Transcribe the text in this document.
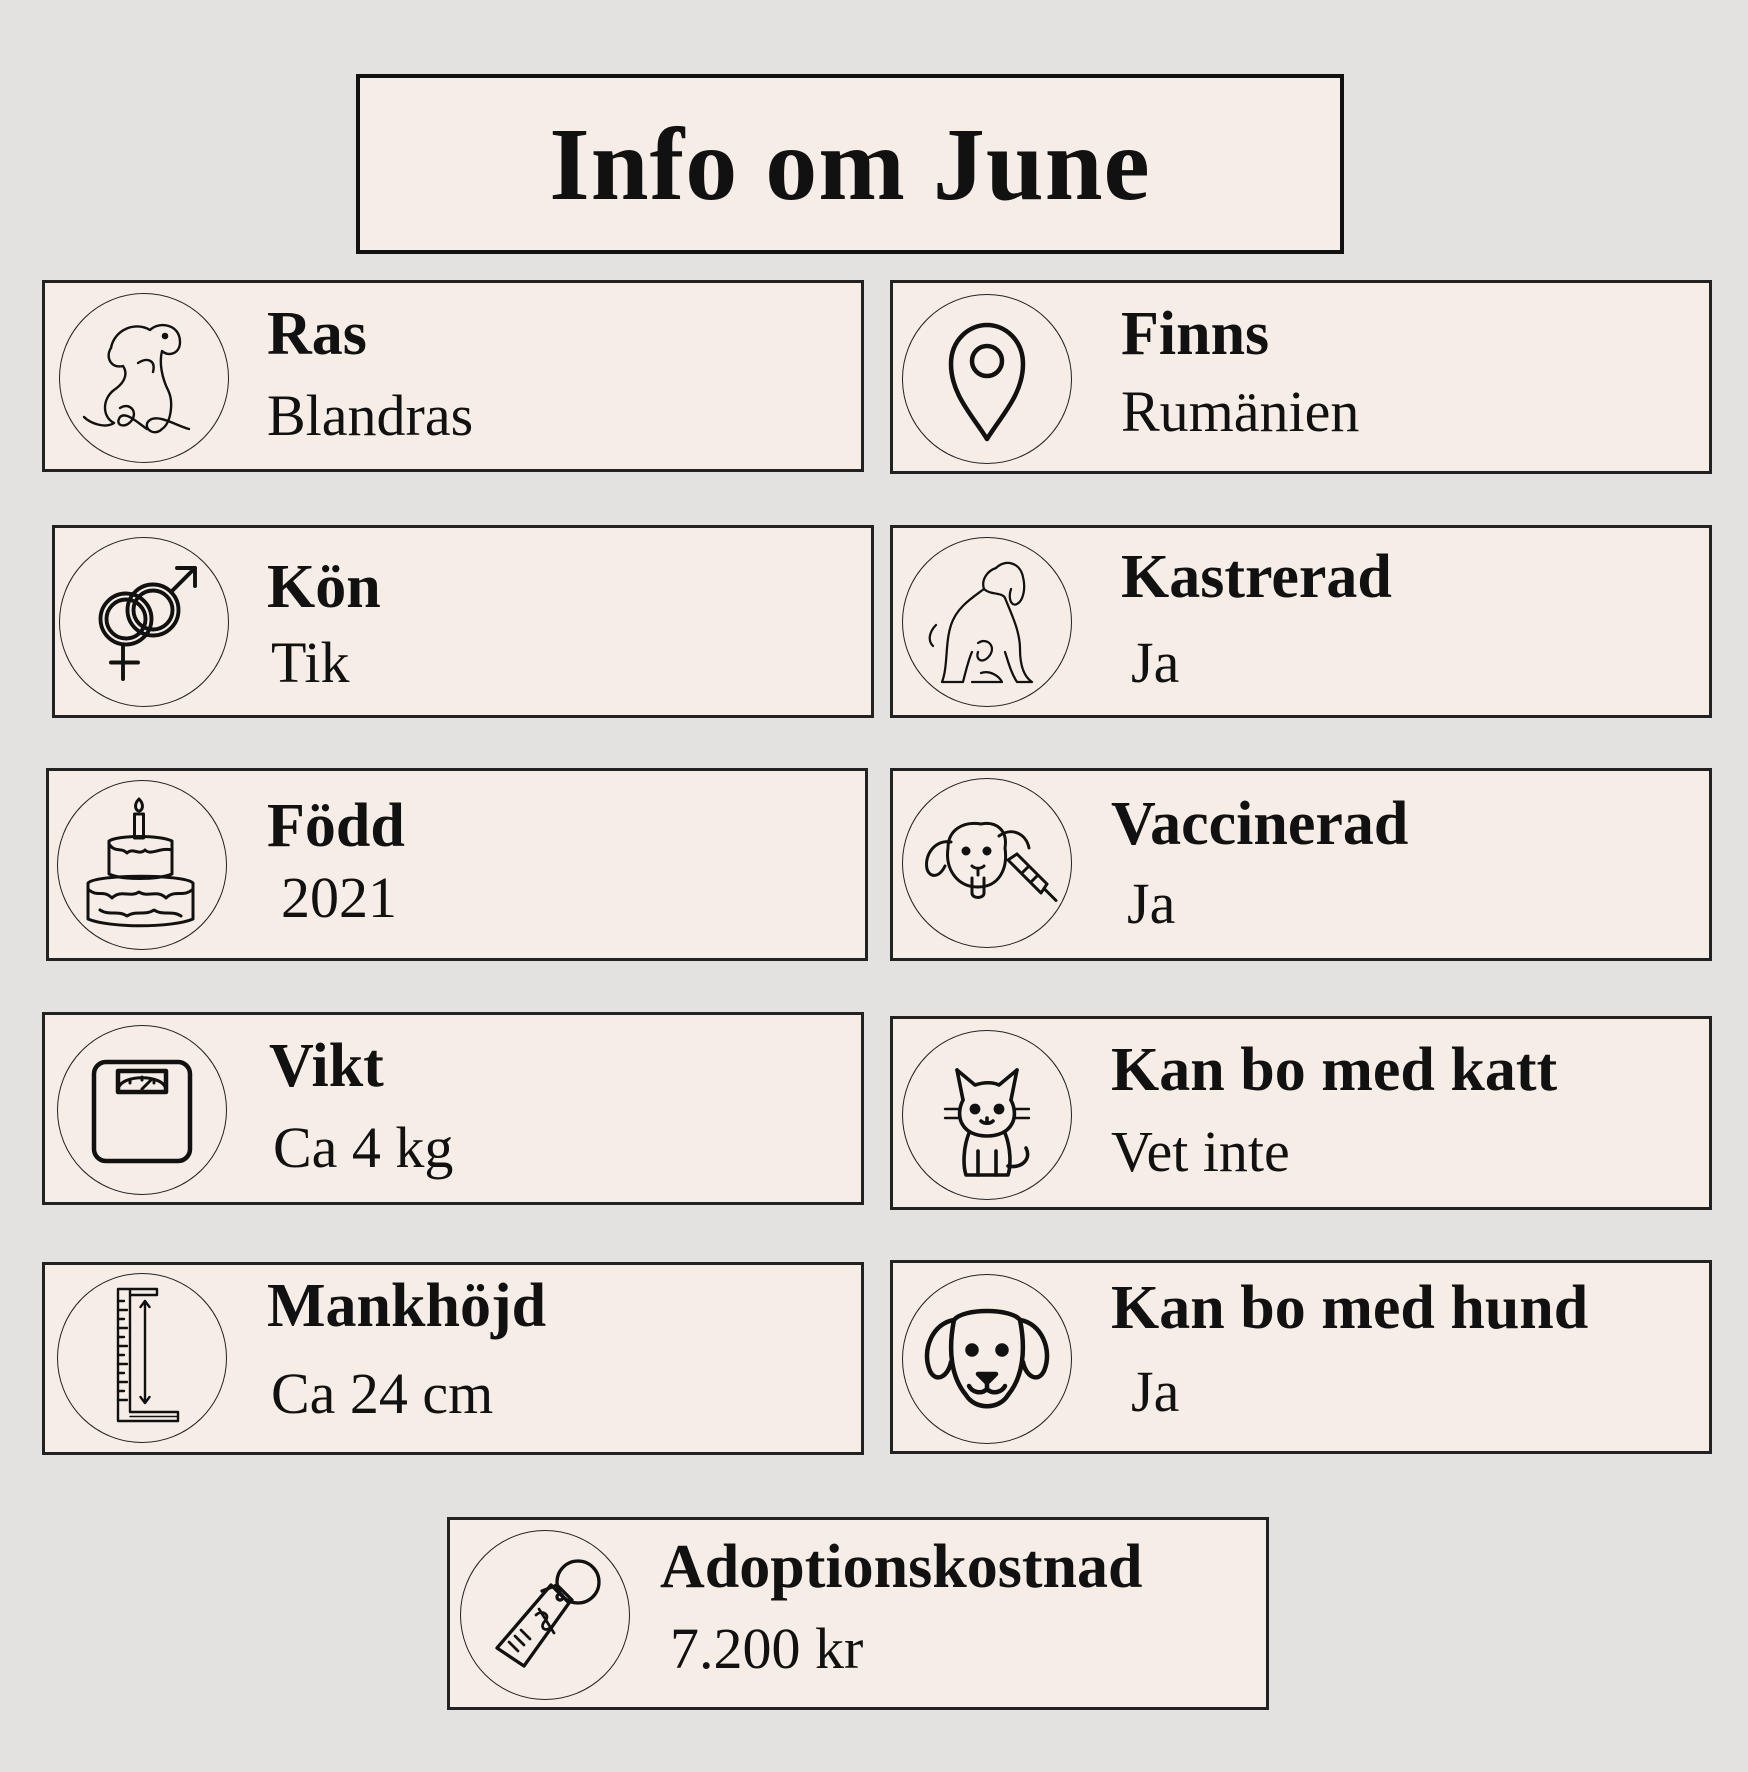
Info om June

Ras

Blandras

Finns

Rumänien

Kön

Tik

Kastrerad

Ja

Född

2021

Vaccinerad

Ja

Vikt

Ca 4 kg

Kan bo med katt

Vet inte

Mankhöjd

Ca 24 cm

Kan bo med hund

Ja

Adoptionskostnad

7.200 kr
